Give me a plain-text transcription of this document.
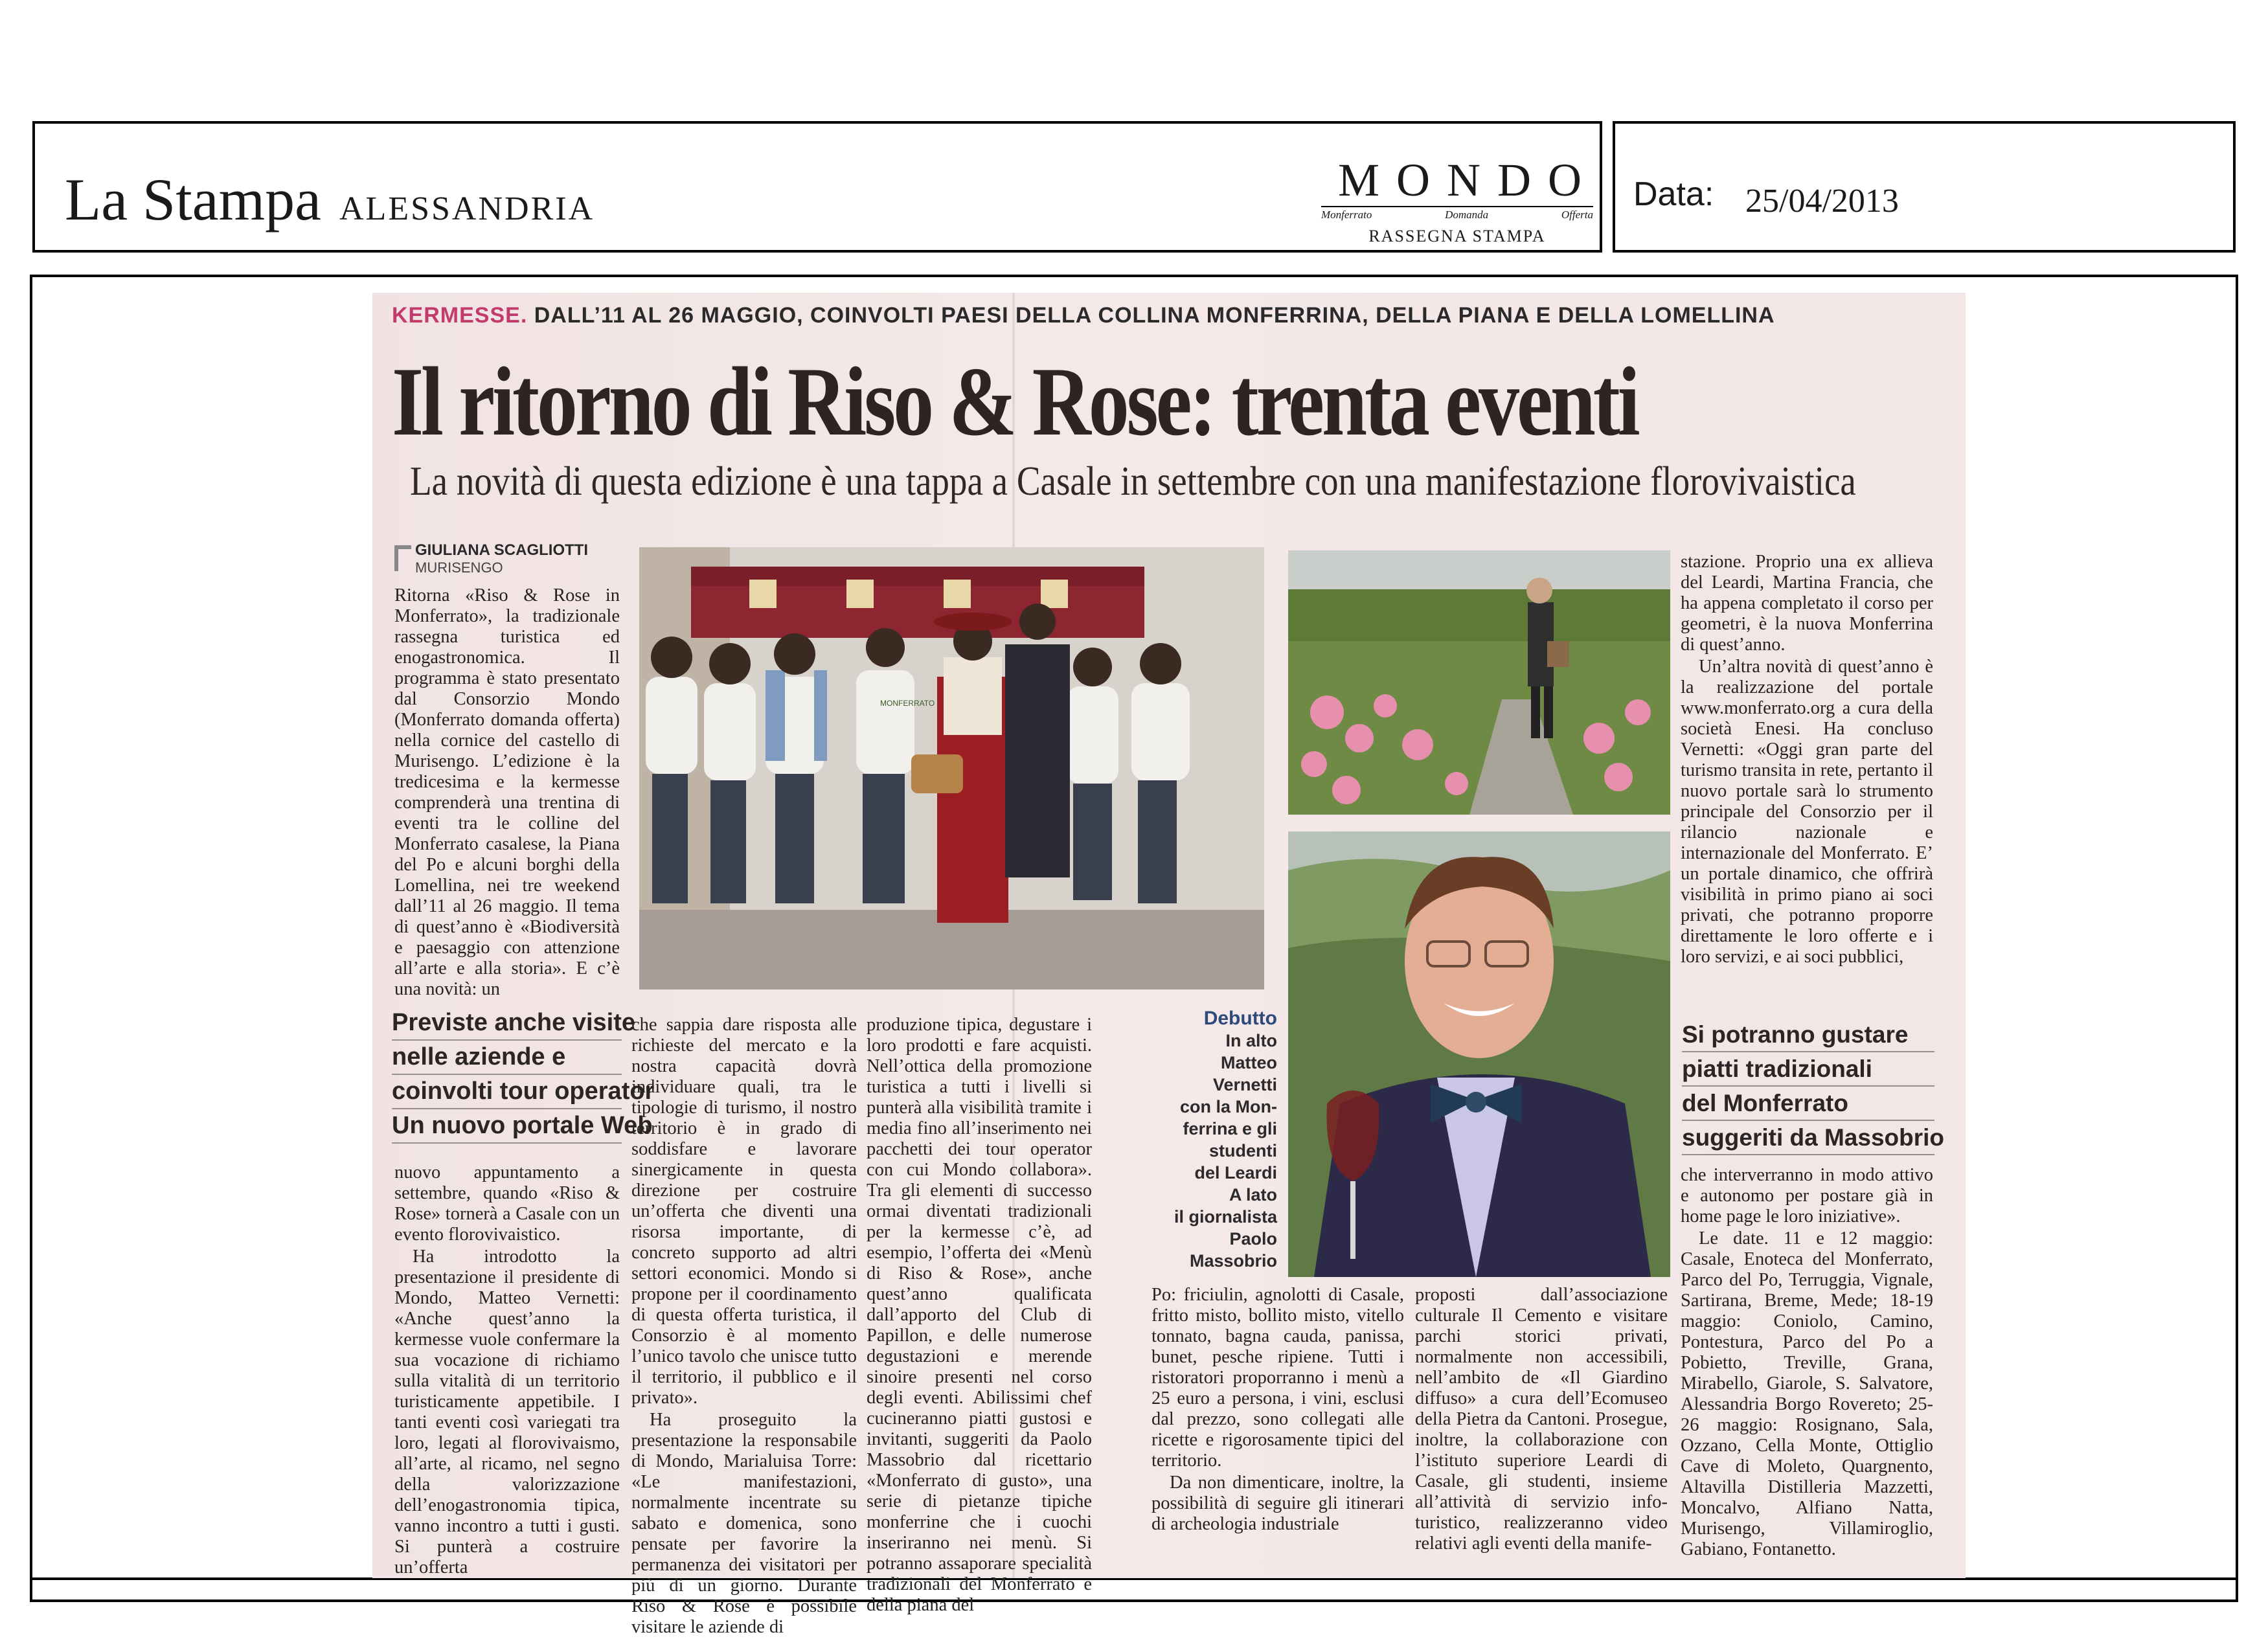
La Stampa ALESSANDRIA
MONDO
Monferrato	Domanda	Offerta
RASSEGNA STAMPA
Data: 25/04/2013
KERMESSE. DALL’11 AL 26 MAGGIO, COINVOLTI PAESI DELLA COLLINA MONFERRINA, DELLA PIANA E DELLA LOMELLINA
Il ritorno di Riso & Rose: trenta eventi
La novità di questa edizione è una tappa a Casale in settembre con una manifestazione florovivaistica
GIULIANA SCAGLIOTTI
MURISENGO

Ritorna «Riso & Rose in Monferrato», la tradizionale rassegna turistica ed enogastronomica. Il programma è stato presentato dal Consorzio Mondo (Monferrato domanda offerta) nella cornice del castello di Murisengo. L’edizione è la tredicesima e la kermesse comprenderà una trentina di eventi tra le colline del Monferrato casalese, la Piana del Po e alcuni borghi della Lomellina, nei tre weekend dall’11 al 26 maggio. Il tema di quest’anno è «Biodiversità e paesaggio con attenzione all’arte e alla storia». E c’è una novità: un

Previste anche visite
nelle aziende e
coinvolti tour operator
Un nuovo portale Web

nuovo appuntamento a settembre, quando «Riso & Rose» tornerà a Casale con un evento florovivaistico.

Ha introdotto la presentazione il presidente di Mondo, Matteo Vernetti: «Anche quest’anno la kermesse vuole confermare la sua vocazione di richiamo sulla vitalità di un territorio turisticamente appetibile. I tanti eventi così variegati tra loro, legati al florovivaismo, all’arte, al ricamo, nel segno della valorizzazione dell’enogastronomia tipica, vanno incontro a tutti i gusti. Si punterà a costruire un’offerta

che sappia dare risposta alle richieste del mercato e la nostra capacità dovrà individuare quali, tra le tipologie di turismo, il nostro territorio è in grado di soddisfare e lavorare sinergicamente in questa direzione per costruire un’offerta che diventi una risorsa importante, di concreto supporto ad altri settori economici. Mondo si propone per il coordinamento di questa offerta turistica, il Consorzio è al momento l’unico tavolo che unisce tutto il territorio, il pubblico e il privato».

Ha proseguito la presentazione la responsabile di Mondo, Marialuisa Torre: «Le manifestazioni, normalmente incentrate su sabato e domenica, sono pensate per favorire la permanenza dei visitatori per più di un giorno. Durante Riso & Rose è possibile visitare le aziende di

produzione tipica, degustare i loro prodotti e fare acquisti. Nell’ottica della promozione turistica a tutti i livelli si punterà alla visibilità tramite i media fino all’inserimento nei pacchetti dei tour operator con cui Mondo collabora». Tra gli elementi di successo ormai diventati tradizionali per la kermesse c’è, ad esempio, l’offerta dei «Menù di Riso & Rose», anche quest’anno qualificata dall’apporto del Club di Papillon, e delle numerose degustazioni e merende sinoire presenti nel corso degli eventi. Abilissimi chef cucineranno piatti gustosi e invitanti, suggeriti da Paolo Massobrio dal ricettario «Monferrato di gusto», una serie di pietanze tipiche monferrine che i cuochi inseriranno nei menù. Si potranno assaporare specialità tradizionali del Monferrato e della piana del

MONFERRATO
Debutto
In alto
Matteo
Vernetti
con la Mon-
ferrina e gli
studenti
del Leardi
A lato
il giornalista
Paolo
Massobrio

Po: friciulin, agnolotti di Casale, fritto misto, bollito misto, vitello tonnato, bagna cauda, panissa, bunet, pesche ripiene. Tutti i ristoratori proporranno i menù a 25 euro a persona, i vini, esclusi dal prezzo, sono collegati alle ricette e rigorosamente tipici del territorio.

Da non dimenticare, inoltre, la possibilità di seguire gli itinerari di archeologia industriale

proposti dall’associazione culturale Il Cemento e visitare parchi storici privati, normalmente non accessibili, nell’ambito de «Il Giardino diffuso» a cura dell’Ecomuseo della Pietra da Cantoni. Prosegue, inoltre, la collaborazione con l’istituto superiore Leardi di Casale, gli studenti, insieme all’attività di servizio info-turistico, realizzeranno video relativi agli eventi della manife-

stazione. Proprio una ex allieva del Leardi, Martina Francia, che ha appena completato il corso per geometri, è la nuova Monferrina di quest’anno.

Un’altra novità di quest’anno è la realizzazione del portale www.monferrato.org a cura della società Enesi. Ha concluso Vernetti: «Oggi gran parte del turismo transita in rete, pertanto il nuovo portale sarà lo strumento principale del Consorzio per il rilancio nazionale e internazionale del Monferrato. E’ un portale dinamico, che offrirà visibilità in primo piano ai soci privati, che potranno proporre direttamente le loro offerte e i loro servizi, e ai soci pubblici,

Si potranno gustare
piatti tradizionali
del Monferrato
suggeriti da Massobrio

che interverranno in modo attivo e autonomo per postare già in home page le loro iniziative».

Le date. 11 e 12 maggio: Casale, Enoteca del Monferrato, Parco del Po, Terruggia, Vignale, Sartirana, Breme, Mede; 18-19 maggio: Coniolo, Camino, Pontestura, Parco del Po a Pobietto, Treville, Grana, Mirabello, Giarole, S. Salvatore, Alessandria Borgo Rovereto; 25-26 maggio: Rosignano, Sala, Ozzano, Cella Monte, Ottiglio Cave di Moleto, Quargnento, Altavilla Distilleria Mazzetti, Moncalvo, Alfiano Natta, Murisengo, Villamiroglio, Gabiano, Fontanetto.
